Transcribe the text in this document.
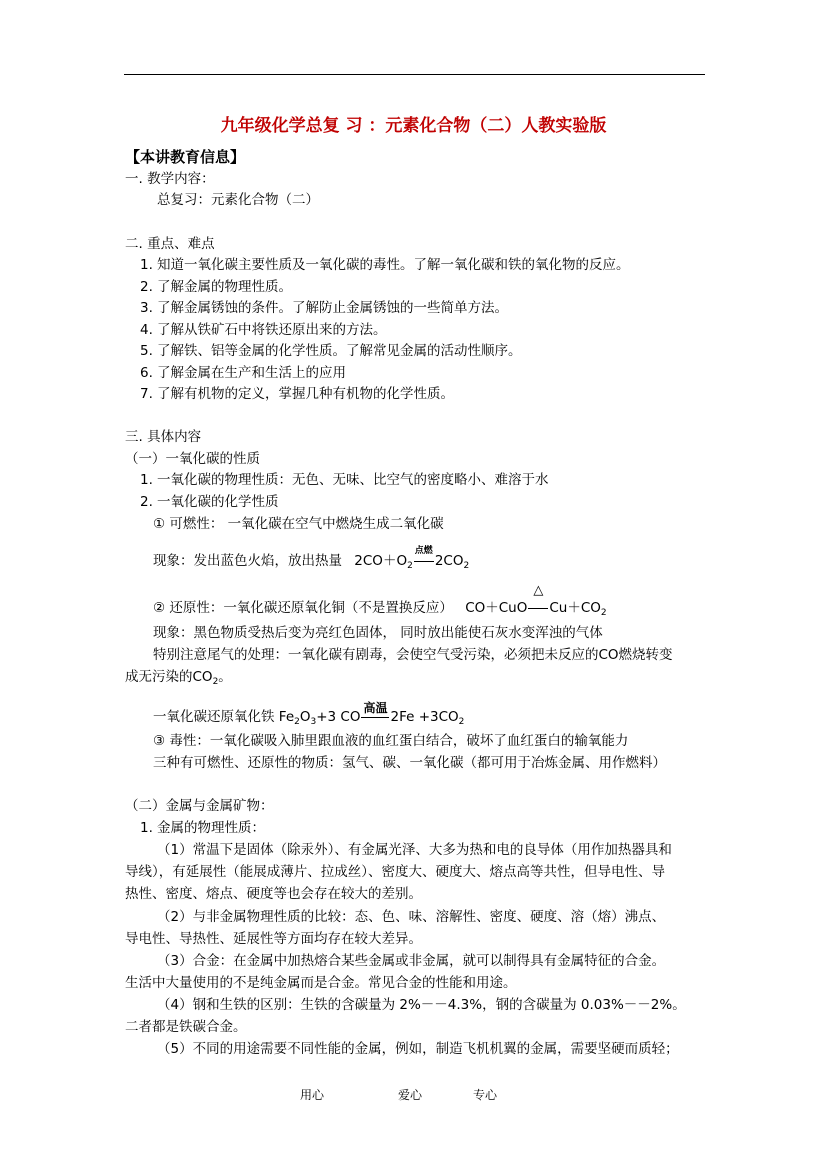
九年级化学总复 习 ：元素化合物（二）人教实验版
【本讲教育信息】
一. 教学内容：
总复习：元素化合物（二）
二. 重点、难点
1. 知道一氧化碳主要性质及一氧化碳的毒性。了解一氧化碳和铁的氧化物的反应。
2. 了解金属的物理性质。
3. 了解金属锈蚀的条件。了解防止金属锈蚀的一些简单方法。
4. 了解从铁矿石中将铁还原出来的方法。
5. 了解铁、铝等金属的化学性质。了解常见金属的活动性顺序。
6. 了解金属在生产和生活上的应用
7. 了解有机物的定义，掌握几种有机物的化学性质。
三. 具体内容
（一）一氧化碳的性质
1. 一氧化碳的物理性质：无色、无味、比空气的密度略小、难溶于水
2. 一氧化碳的化学性质
① 可燃性： 一氧化碳在空气中燃烧生成二氧化碳
现象：发出蓝色火焰，放出热量 $2CO+O_2$
点燃
$2CO_2$
② 还原性：一氧化碳还原氧化铜（不是置换反应） CO＋CuO
△
$Cu+CO_2$
现象：黑色物质受热后变为亮红色固体， 同时放出能使石灰水变浑浊的气体
特别注意尾气的处理：一氧化碳有剧毒，会使空气受污染，必须把未反应的CO燃烧转变
成无污染的$CO_2$。
一氧化碳还原氧化铁 $Fe_2O_3+3$ CO
高温
$2Fe +3CO_2$
③ 毒性：一氧化碳吸入肺里跟血液的血红蛋白结合，破坏了血红蛋白的输氧能力
三种有可燃性、还原性的物质：氢气、碳、一氧化碳（都可用于冶炼金属、用作燃料）
（二）金属与金属矿物：
1. 金属的物理性质：
（1）常温下是固体（除汞外）、有金属光泽、大多为热和电的良导体（用作加热器具和
导线），有延展性（能展成薄片、拉成丝）、密度大、硬度大、熔点高等共性，但导电性、导
热性、密度、熔点、硬度等也会存在较大的差别。
（2）与非金属物理性质的比较：态、色、味、溶解性、密度、硬度、溶（熔）沸点、
导电性、导热性、延展性等方面均存在较大差异。
（3）合金：在金属中加热熔合某些金属或非金属，就可以制得具有金属特征的合金。
生活中大量使用的不是纯金属而是合金。常见合金的性能和用途。
（4）钢和生铁的区别：生铁的含碳量为 2%－－4.3%，钢的含碳量为 0.03%－－2%。
二者都是铁碳合金。
（5）不同的用途需要不同性能的金属，例如，制造飞机机翼的金属，需要坚硬而质轻；
用心	爱心	专心
